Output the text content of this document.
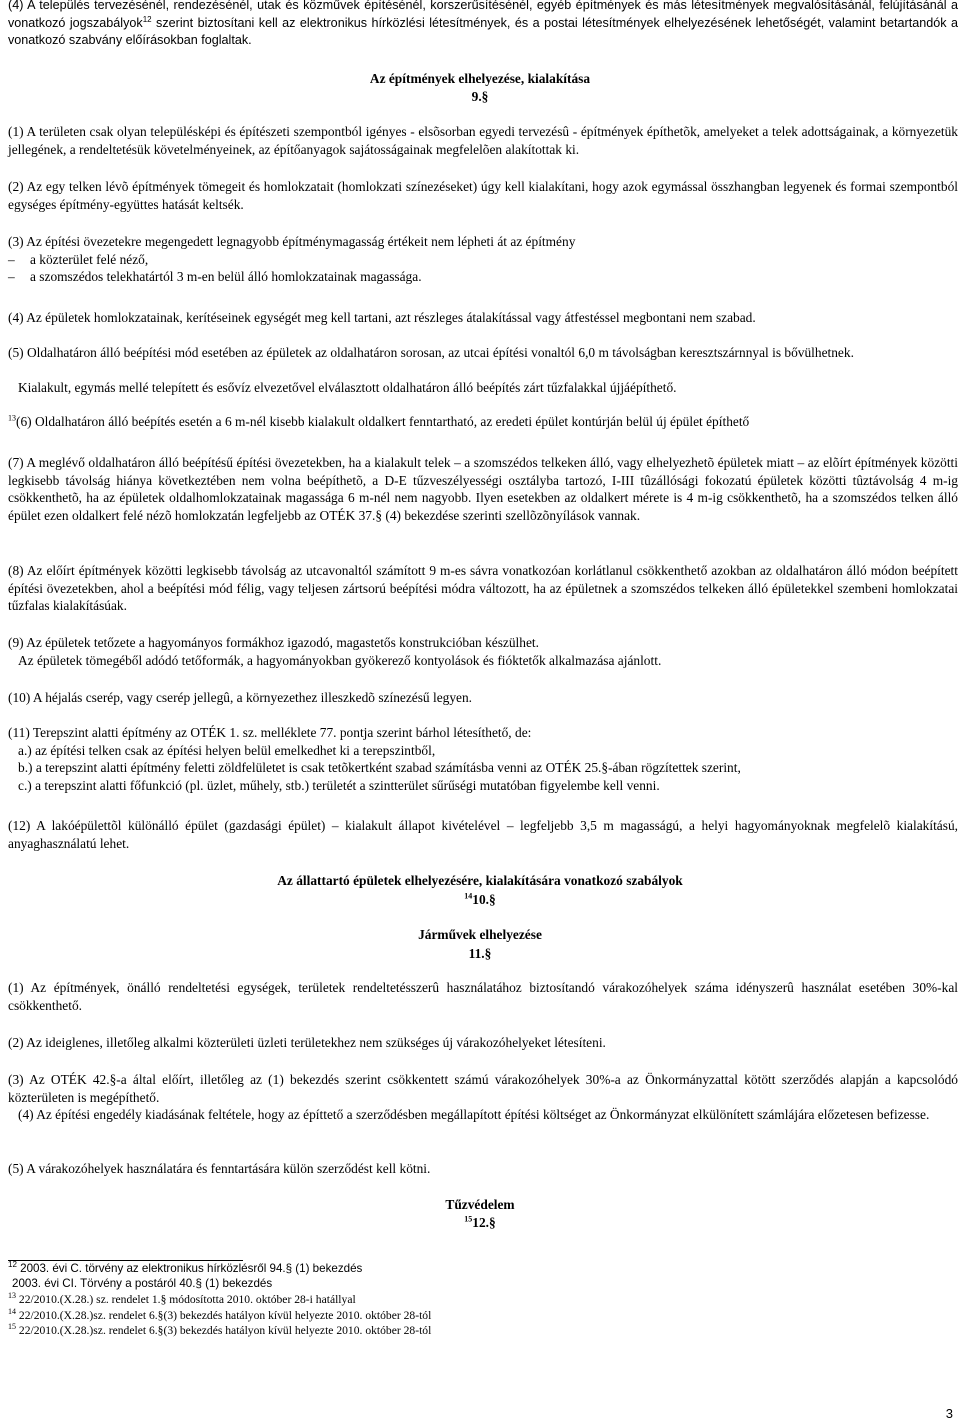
(4) A település tervezésénél, rendezésénél, utak és közművek építésénél, korszerűsítésénél, egyéb építmények és más létesítmények megvalósításánál, felújításánál a vonatkozó jogszabályok$^{12}$ szerint biztosítani kell az elektronikus hírközlési létesítmények, és a postai létesítmények elhelyezésének lehetőségét, valamint betartandók a vonatkozó szabvány előírásokban foglaltak.

Az építmények elhelyezése, kialakítása

9.§

(1) A területen csak olyan településképi és építészeti szempontból igényes - elsõsorban egyedi tervezésû - építmények építhetõk, amelyeket a telek adottságainak, a környezetük jellegének, a rendeltetésük követelményeinek, az építőanyagok sajátosságainak megfelelõen alakítottak ki.

(2) Az egy telken lévõ építmények tömegeit és homlokzatait (homlokzati színezéseket) úgy kell kialakítani, hogy azok egymással összhangban legyenek és formai szempontból egységes építmény-együttes hatását keltsék.

(3) Az építési övezetekre megengedett legnagyobb építménymagasság értékeit nem lépheti át az építmény
– a közterület felé néző,
– a szomszédos telekhatártól 3 m-en belül álló homlokzatainak magassága.

(4) Az épületek homlokzatainak, kerítéseinek egységét meg kell tartani, azt részleges átalakítással vagy átfestéssel megbontani nem szabad.

(5) Oldalhatáron álló beépítési mód esetében az épületek az oldalhatáron sorosan, az utcai építési vonaltól 6,0 m távolságban keresztszárnnyal is bővülhetnek.

Kialakult, egymás mellé telepített és esővíz elvezetővel elválasztott oldalhatáron álló beépítés zárt tűzfalakkal újjáépíthető.

$^{13}$(6) Oldalhatáron álló beépítés esetén a 6 m-nél kisebb kialakult oldalkert fenntartható, az eredeti épület kontúrján belül új épület építhető

(7) A meglévő oldalhatáron álló beépítésű építési övezetekben, ha a kialakult telek – a szomszédos telkeken álló, vagy elhelyezhetõ épületek miatt – az elõírt építmények közötti legkisebb távolság hiánya következtében nem volna beépíthetõ, a D-E tűzveszélyességi osztályba tartozó, I-III tûzállósági fokozatú épületek közötti tûztávolság 4 m-ig csökkenthetõ, ha az épületek oldalhomlokzatainak magassága 6 m-nél nem nagyobb. Ilyen esetekben az oldalkert mérete is 4 m-ig csökkenthetõ, ha a szomszédos telken álló épület ezen oldalkert felé nézõ homlokzatán legfeljebb az OTÉK 37.§ (4) bekezdése szerinti szellõzõnyílások vannak.

(8) Az előírt építmények közötti legkisebb távolság az utcavonaltól számított 9 m-es sávra vonatkozóan korlátlanul csökkenthető azokban az oldalhatáron álló módon beépített építési övezetekben, ahol a beépítési mód félig, vagy teljesen zártsorú beépítési módra változott, ha az épületnek a szomszédos telkeken álló épületekkel szembeni homlokzatai tűzfalas kialakításúak.

(9) Az épületek tetőzete a hagyományos formákhoz igazodó, magastetős konstrukcióban készülhet.

Az épületek tömegéből adódó tetőformák, a hagyományokban gyökerező kontyolások és fióktetők alkalmazása ajánlott.

(10) A héjalás cserép, vagy cserép jellegû, a környezethez illeszkedõ színezésű legyen.

(11) Terepszint alatti építmény az OTÉK 1. sz. melléklete 77. pontja szerint bárhol létesíthető, de:
a.) az építési telken csak az építési helyen belül emelkedhet ki a terepszintből,
b.) a terepszint alatti építmény feletti zöldfelületet is csak tetõkertként szabad számításba venni az OTÉK 25.§-ában rögzítettek szerint,
c.) a terepszint alatti főfunkció (pl. üzlet, műhely, stb.) területét a szintterület sűrűségi mutatóban figyelembe kell venni.

(12) A lakóépülettõl különálló épület (gazdasági épület) – kialakult állapot kivételével – legfeljebb 3,5 m magasságú, a helyi hagyományoknak megfelelõ kialakítású, anyaghasználatú lehet.

Az állattartó épületek elhelyezésére, kialakítására vonatkozó szabályok

$^{14}$10.§

Járművek elhelyezése

11.§

(1) Az építmények, önálló rendeltetési egységek, területek rendeltetésszerû használatához biztosítandó várakozóhelyek száma idényszerû használat esetében 30%-kal csökkenthető.

(2) Az ideiglenes, illetőleg alkalmi közterületi üzleti területekhez nem szükséges új várakozóhelyeket létesíteni.

(3) Az OTÉK 42.§-a által előírt, illetőleg az (1) bekezdés szerint csökkentett számú várakozóhelyek 30%-a az Önkormányzattal kötött szerződés alapján a kapcsolódó közterületen is megépíthető.

(4) Az építési engedély kiadásának feltétele, hogy az építtető a szerződésben megállapított építési költséget az Önkormányzat elkülönített számlájára előzetesen befizesse.

(5) A várakozóhelyek használatára és fenntartására külön szerződést kell kötni.

Tűzvédelem

$^{15}$12.§

$^{12}$ 2003. évi C. törvény az elektronikus hírközlésről 94.§ (1) bekezdés

2003. évi CI. Törvény a postáról 40.§ (1) bekezdés

$^{13}$ 22/2010.(X.28.) sz. rendelet 1.§ módosította 2010. október 28-i hatállyal

$^{14}$ 22/2010.(X.28.)sz. rendelet 6.§(3) bekezdés hatályon kívül helyezte 2010. október 28-tól

$^{15}$ 22/2010.(X.28.)sz. rendelet 6.§(3) bekezdés hatályon kívül helyezte 2010. október 28-tól

3
